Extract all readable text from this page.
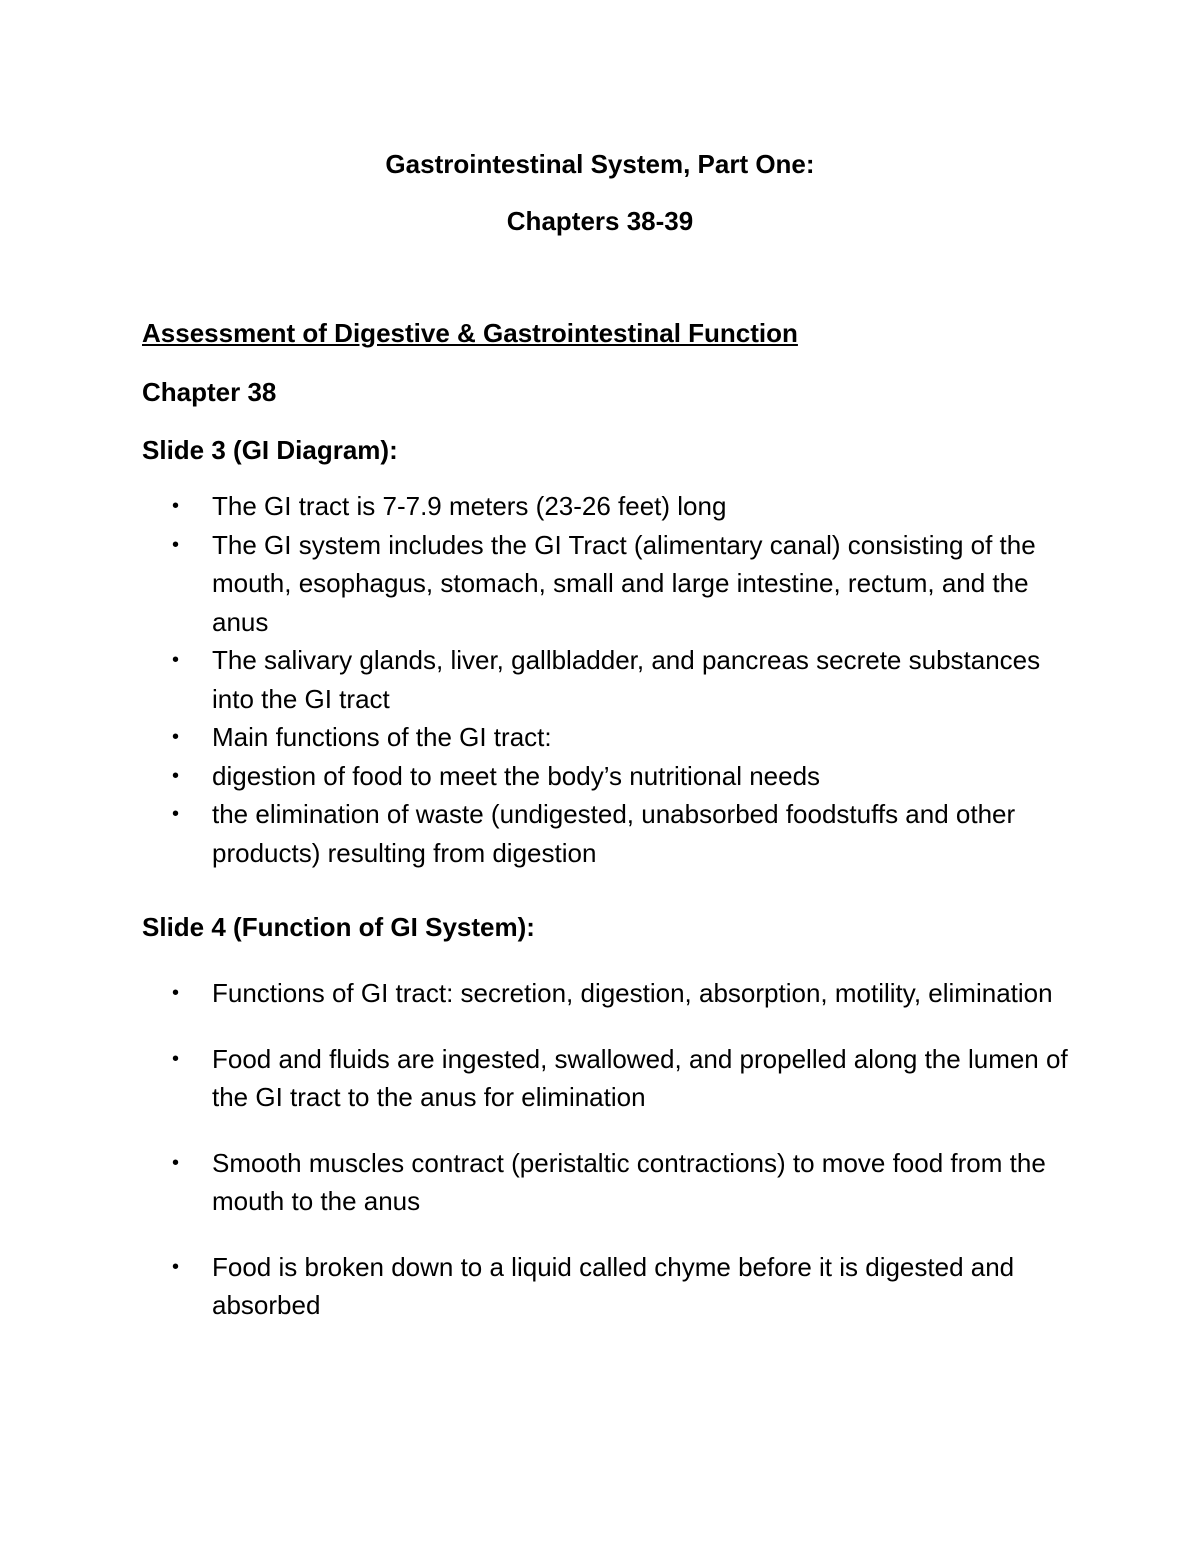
Gastrointestinal System, Part One:
Chapters 38-39
Assessment of Digestive & Gastrointestinal Function
Chapter 38
Slide 3 (GI Diagram):
•	The GI tract is 7-7.9 meters (23-26 feet) long
•	The GI system includes the GI Tract (alimentary canal) consisting of the mouth, esophagus, stomach, small and large intestine, rectum, and the anus
•	The salivary glands, liver, gallbladder, and pancreas secrete substances into the GI tract
•	Main functions of the GI tract:
•	digestion of food to meet the body’s nutritional needs
•	the elimination of waste (undigested, unabsorbed foodstuffs and other products) resulting from digestion
Slide 4 (Function of GI System):
•	Functions of GI tract: secretion, digestion, absorption, motility, elimination
•	Food and fluids are ingested, swallowed, and propelled along the lumen of the GI tract to the anus for elimination
•	Smooth muscles contract (peristaltic contractions) to move food from the mouth to the anus
•	Food is broken down to a liquid called chyme before it is digested and absorbed
